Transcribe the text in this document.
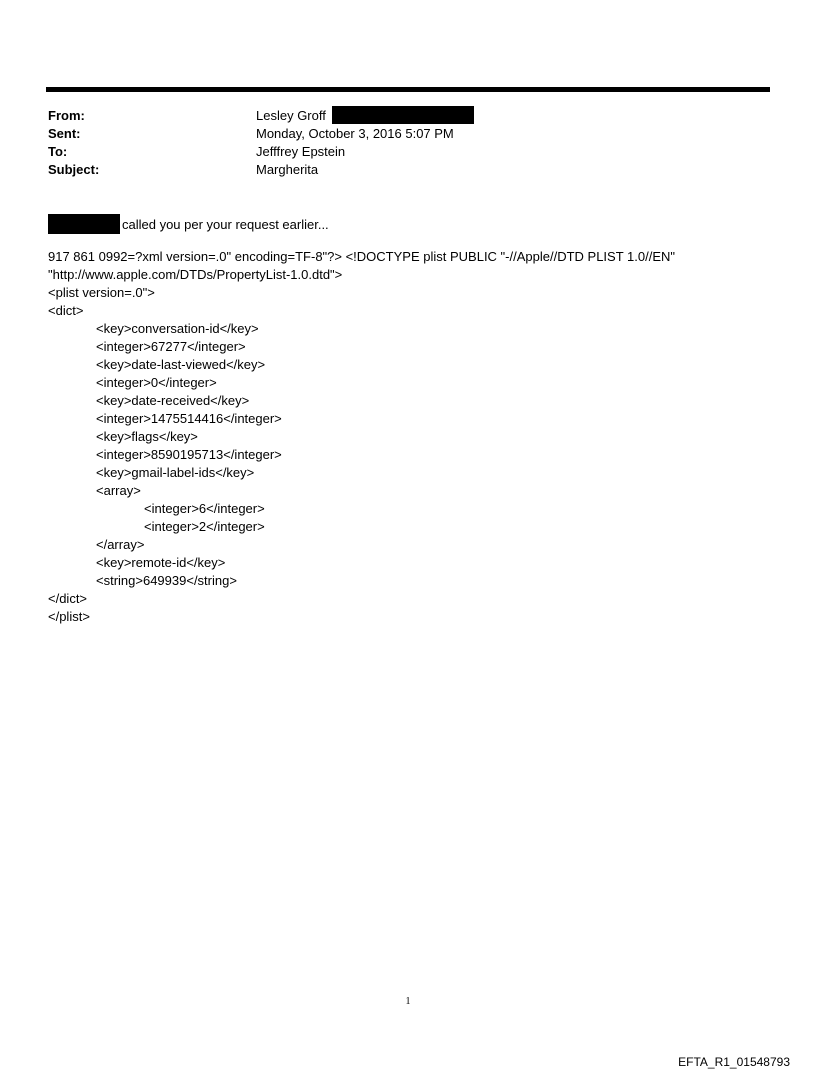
From:	Lesley Groff
Sent:	Monday, October 3, 2016 5:07 PM
To:	Jefffrey Epstein
Subject:	Margherita
called you per your request earlier...
917 861 0992=?xml version=.0" encoding=TF-8"?> <!DOCTYPE plist PUBLIC "-//Apple//DTD PLIST 1.0//EN"
"http://www.apple.com/DTDs/PropertyList-1.0.dtd">
<plist version=.0">
<dict>
<key>conversation-id</key>
<integer>67277</integer>
<key>date-last-viewed</key>
<integer>0</integer>
<key>date-received</key>
<integer>1475514416</integer>
<key>flags</key>
<integer>8590195713</integer>
<key>gmail-label-ids</key>
<array>
<integer>6</integer>
<integer>2</integer>
</array>
<key>remote-id</key>
<string>649939</string>
</dict>
</plist>
1
EFTA_R1_01548793
